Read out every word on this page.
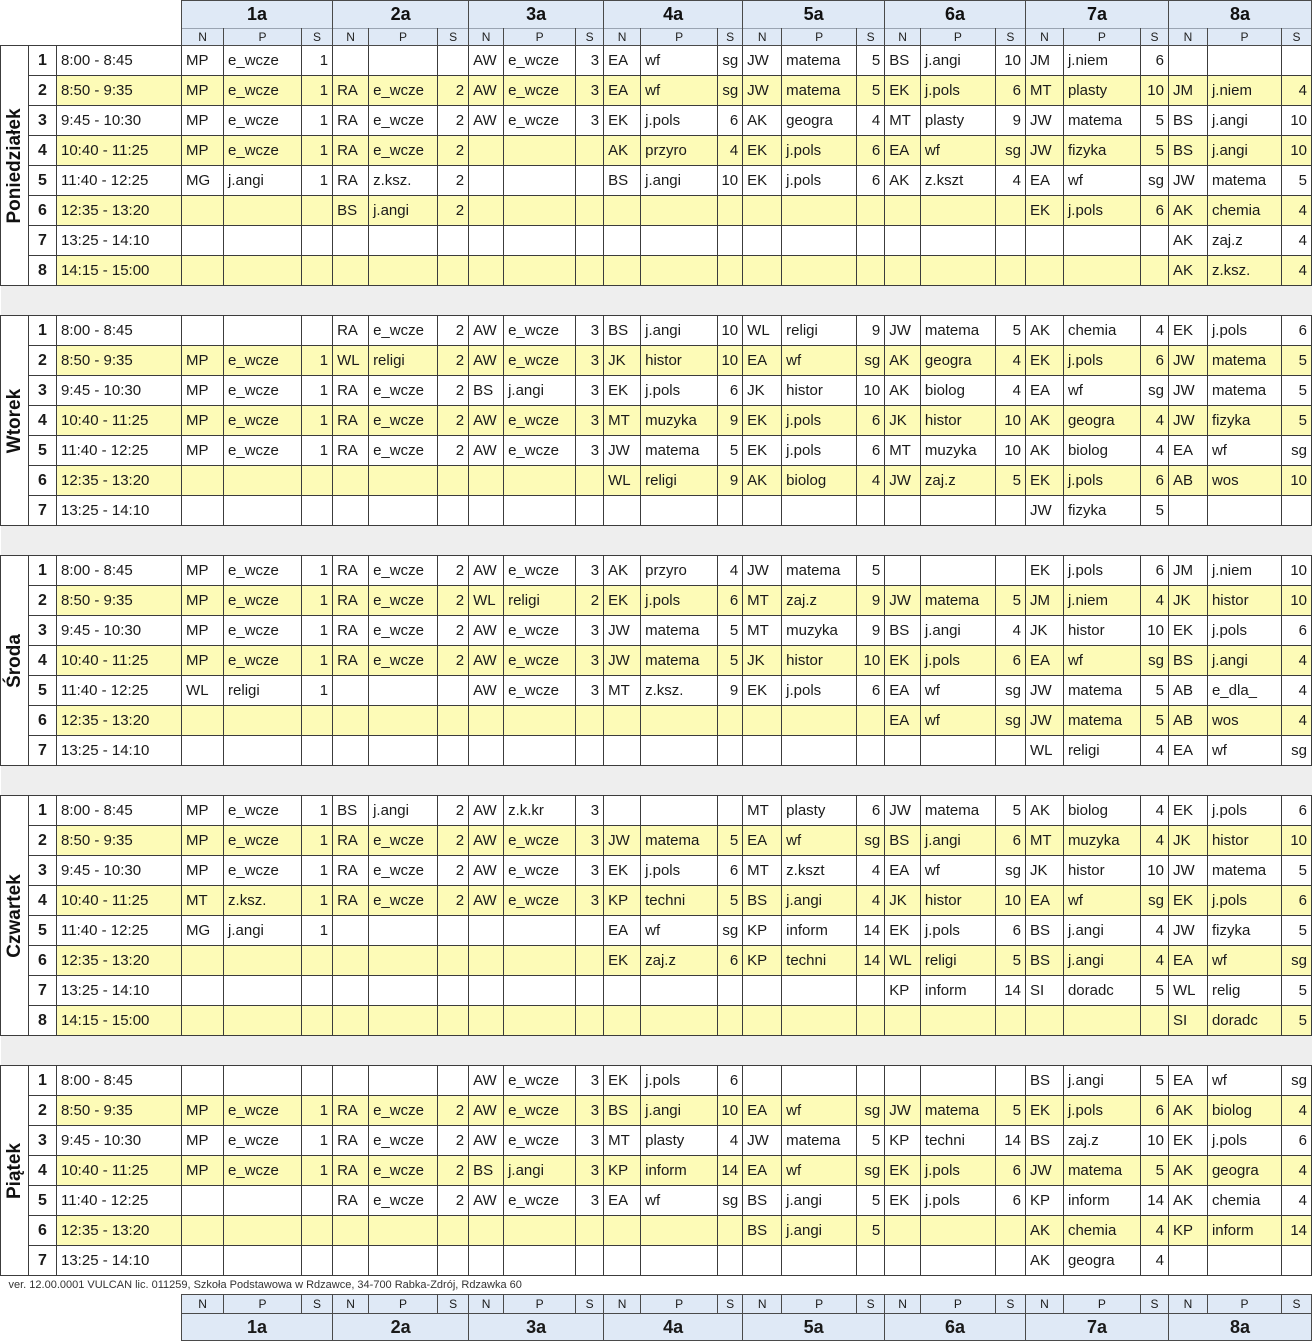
			1a			2a			3a			4a			5a			6a			7a			8a		
			N	P	S	N	P	S	N	P	S	N	P	S	N	P	S	N	P	S	N	P	S	N	P	S

Poniedziałek	1	8:00 - 8:45	MP	e_wcze	1				AW	e_wcze	3	EA	wf	sg	JW	matema	5	BS	j.angi	10	JM	j.niem	6			
	2	8:50 - 9:35	MP	e_wcze	1	RA	e_wcze	2	AW	e_wcze	3	EA	wf	sg	JW	matema	5	EK	j.pols	6	MT	plasty	10	JM	j.niem	4
	3	9:45 - 10:30	MP	e_wcze	1	RA	e_wcze	2	AW	e_wcze	3	EK	j.pols	6	AK	geogra	4	MT	plasty	9	JW	matema	5	BS	j.angi	10
	4	10:40 - 11:25	MP	e_wcze	1	RA	e_wcze	2				AK	przyro	4	EK	j.pols	6	EA	wf	sg	JW	fizyka	5	BS	j.angi	10
	5	11:40 - 12:25	MG	j.angi	1	RA	z.ksz.	2				BS	j.angi	10	EK	j.pols	6	AK	z.kszt	4	EA	wf	sg	JW	matema	5
	6	12:35 - 13:20				BS	j.angi	2													EK	j.pols	6	AK	chemia	4
	7	13:25 - 14:10																						AK	zaj.z	4
	8	14:15 - 15:00																						AK	z.ksz.	4

Wtorek	1	8:00 - 8:45				RA	e_wcze	2	AW	e_wcze	3	BS	j.angi	10	WL	religi	9	JW	matema	5	AK	chemia	4	EK	j.pols	6
	2	8:50 - 9:35	MP	e_wcze	1	WL	religi	2	AW	e_wcze	3	JK	histor	10	EA	wf	sg	AK	geogra	4	EK	j.pols	6	JW	matema	5
	3	9:45 - 10:30	MP	e_wcze	1	RA	e_wcze	2	BS	j.angi	3	EK	j.pols	6	JK	histor	10	AK	biolog	4	EA	wf	sg	JW	matema	5
	4	10:40 - 11:25	MP	e_wcze	1	RA	e_wcze	2	AW	e_wcze	3	MT	muzyka	9	EK	j.pols	6	JK	histor	10	AK	geogra	4	JW	fizyka	5
	5	11:40 - 12:25	MP	e_wcze	1	RA	e_wcze	2	AW	e_wcze	3	JW	matema	5	EK	j.pols	6	MT	muzyka	10	AK	biolog	4	EA	wf	sg
	6	12:35 - 13:20										WL	religi	9	AK	biolog	4	JW	zaj.z	5	EK	j.pols	6	AB	wos	10
	7	13:25 - 14:10																			JW	fizyka	5			

Środa	1	8:00 - 8:45	MP	e_wcze	1	RA	e_wcze	2	AW	e_wcze	3	AK	przyro	4	JW	matema	5				EK	j.pols	6	JM	j.niem	10
	2	8:50 - 9:35	MP	e_wcze	1	RA	e_wcze	2	WL	religi	2	EK	j.pols	6	MT	zaj.z	9	JW	matema	5	JM	j.niem	4	JK	histor	10
	3	9:45 - 10:30	MP	e_wcze	1	RA	e_wcze	2	AW	e_wcze	3	JW	matema	5	MT	muzyka	9	BS	j.angi	4	JK	histor	10	EK	j.pols	6
	4	10:40 - 11:25	MP	e_wcze	1	RA	e_wcze	2	AW	e_wcze	3	JW	matema	5	JK	histor	10	EK	j.pols	6	EA	wf	sg	BS	j.angi	4
	5	11:40 - 12:25	WL	religi	1				AW	e_wcze	3	MT	z.ksz.	9	EK	j.pols	6	EA	wf	sg	JW	matema	5	AB	e_dla_	4
	6	12:35 - 13:20																EA	wf	sg	JW	matema	5	AB	wos	4
	7	13:25 - 14:10																			WL	religi	4	EA	wf	sg

Czwartek	1	8:00 - 8:45	MP	e_wcze	1	BS	j.angi	2	AW	z.k.kr	3				MT	plasty	6	JW	matema	5	AK	biolog	4	EK	j.pols	6
	2	8:50 - 9:35	MP	e_wcze	1	RA	e_wcze	2	AW	e_wcze	3	JW	matema	5	EA	wf	sg	BS	j.angi	6	MT	muzyka	4	JK	histor	10
	3	9:45 - 10:30	MP	e_wcze	1	RA	e_wcze	2	AW	e_wcze	3	EK	j.pols	6	MT	z.kszt	4	EA	wf	sg	JK	histor	10	JW	matema	5
	4	10:40 - 11:25	MT	z.ksz.	1	RA	e_wcze	2	AW	e_wcze	3	KP	techni	5	BS	j.angi	4	JK	histor	10	EA	wf	sg	EK	j.pols	6
	5	11:40 - 12:25	MG	j.angi	1							EA	wf	sg	KP	inform	14	EK	j.pols	6	BS	j.angi	4	JW	fizyka	5
	6	12:35 - 13:20										EK	zaj.z	6	KP	techni	14	WL	religi	5	BS	j.angi	4	EA	wf	sg
	7	13:25 - 14:10																KP	inform	14	SI	doradc	5	WL	relig	5
	8	14:15 - 15:00																						SI	doradc	5

Piątek	1	8:00 - 8:45							AW	e_wcze	3	EK	j.pols	6							BS	j.angi	5	EA	wf	sg
	2	8:50 - 9:35	MP	e_wcze	1	RA	e_wcze	2	AW	e_wcze	3	BS	j.angi	10	EA	wf	sg	JW	matema	5	EK	j.pols	6	AK	biolog	4
	3	9:45 - 10:30	MP	e_wcze	1	RA	e_wcze	2	AW	e_wcze	3	MT	plasty	4	JW	matema	5	KP	techni	14	BS	zaj.z	10	EK	j.pols	6
	4	10:40 - 11:25	MP	e_wcze	1	RA	e_wcze	2	BS	j.angi	3	KP	inform	14	EA	wf	sg	EK	j.pols	6	JW	matema	5	AK	geogra	4
	5	11:40 - 12:25				RA	e_wcze	2	AW	e_wcze	3	EA	wf	sg	BS	j.angi	5	EK	j.pols	6	KP	inform	14	AK	chemia	4
	6	12:35 - 13:20													BS	j.angi	5				AK	chemia	4	KP	inform	14
	7	13:25 - 14:10																			AK	geogra	4			
ver. 12.00.0001 VULCAN lic. 011259, Szkoła Podstawowa w Rdzawce, 34-700 Rabka-Zdrój, Rdzawka 60																										
			N	P	S	N	P	S	N	P	S	N	P	S	N	P	S	N	P	S	N	P	S	N	P	S
			1a			2a			3a			4a			5a			6a			7a			8a		
